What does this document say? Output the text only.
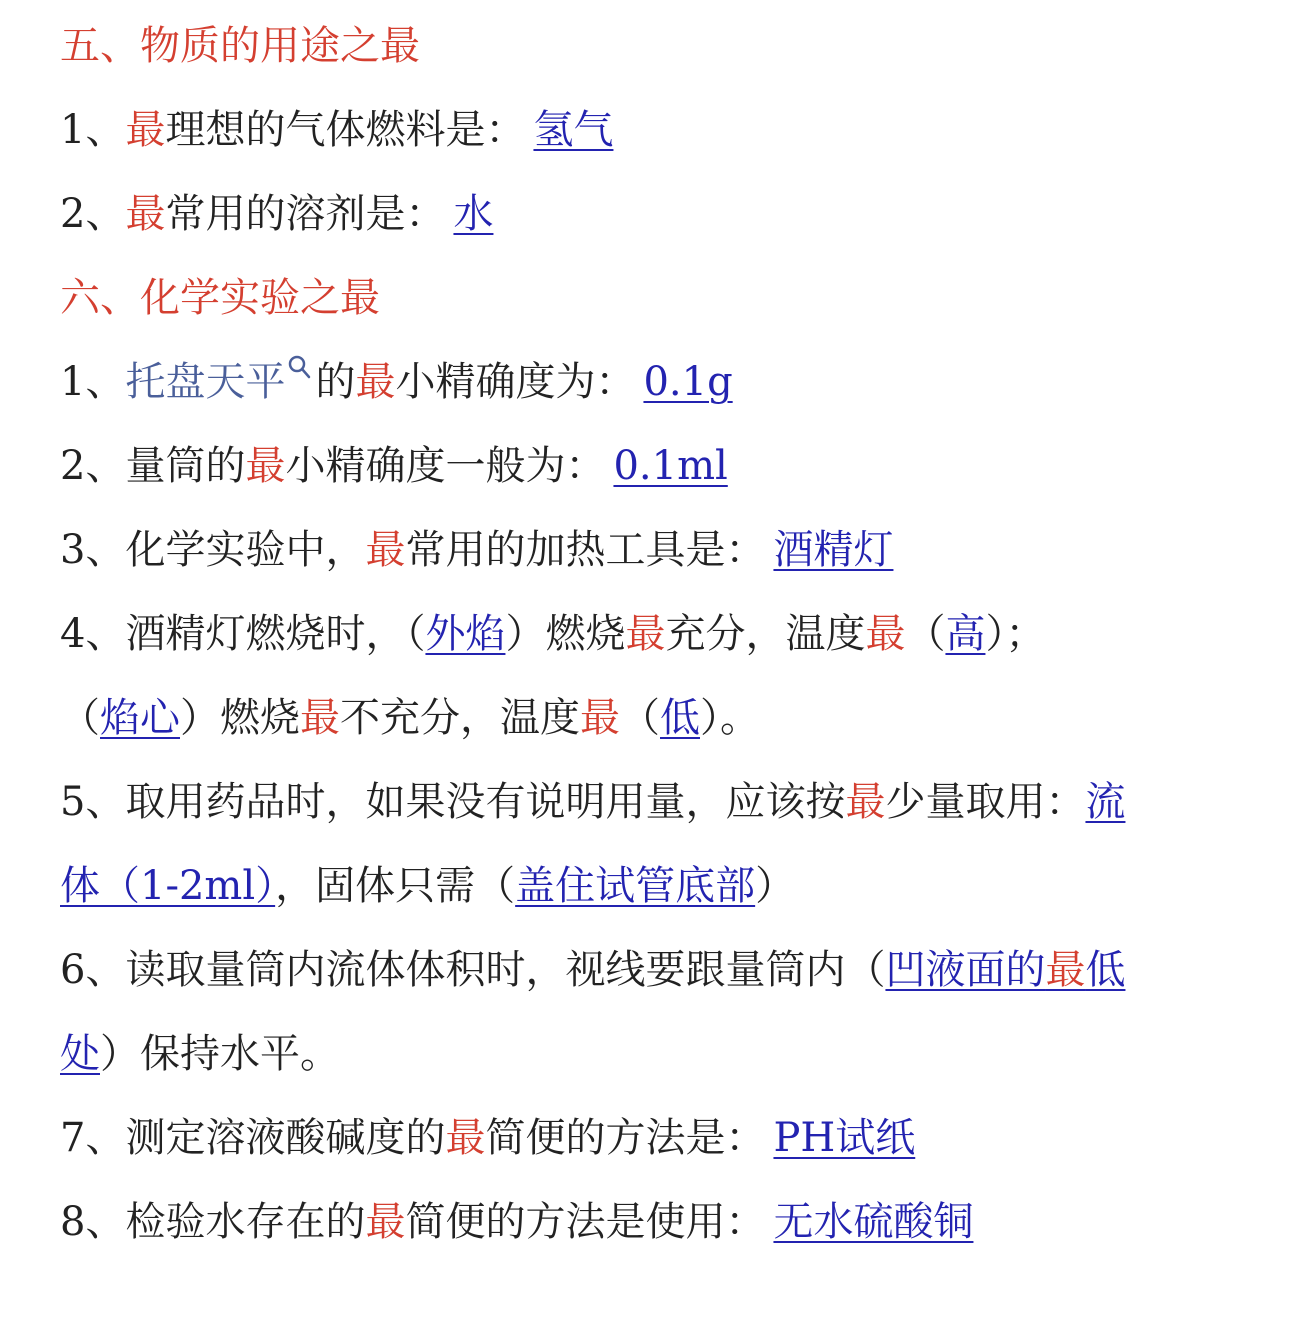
五、物质的用途之最
1、最理想的气体燃料是： 氢气
2、最常用的溶剂是： 水
六、化学实验之最
1、托盘天平 的最小精确度为： 0.1g
2、量筒的最小精确度一般为： 0.1ml
3、化学实验中，最常用的加热工具是： 酒精灯
4、酒精灯燃烧时，（外焰）燃烧最充分，温度最（高）；
（焰心）燃烧最不充分，温度最（低）。
5、取用药品时，如果没有说明用量，应该按最少量取用：流
体（1-2ml），固体只需（盖住试管底部）
6、读取量筒内流体体积时，视线要跟量筒内（凹液面的最低
处）保持水平。
7、测定溶液酸碱度的最简便的方法是： PH试纸
8、检验水存在的最简便的方法是使用： 无水硫酸铜
